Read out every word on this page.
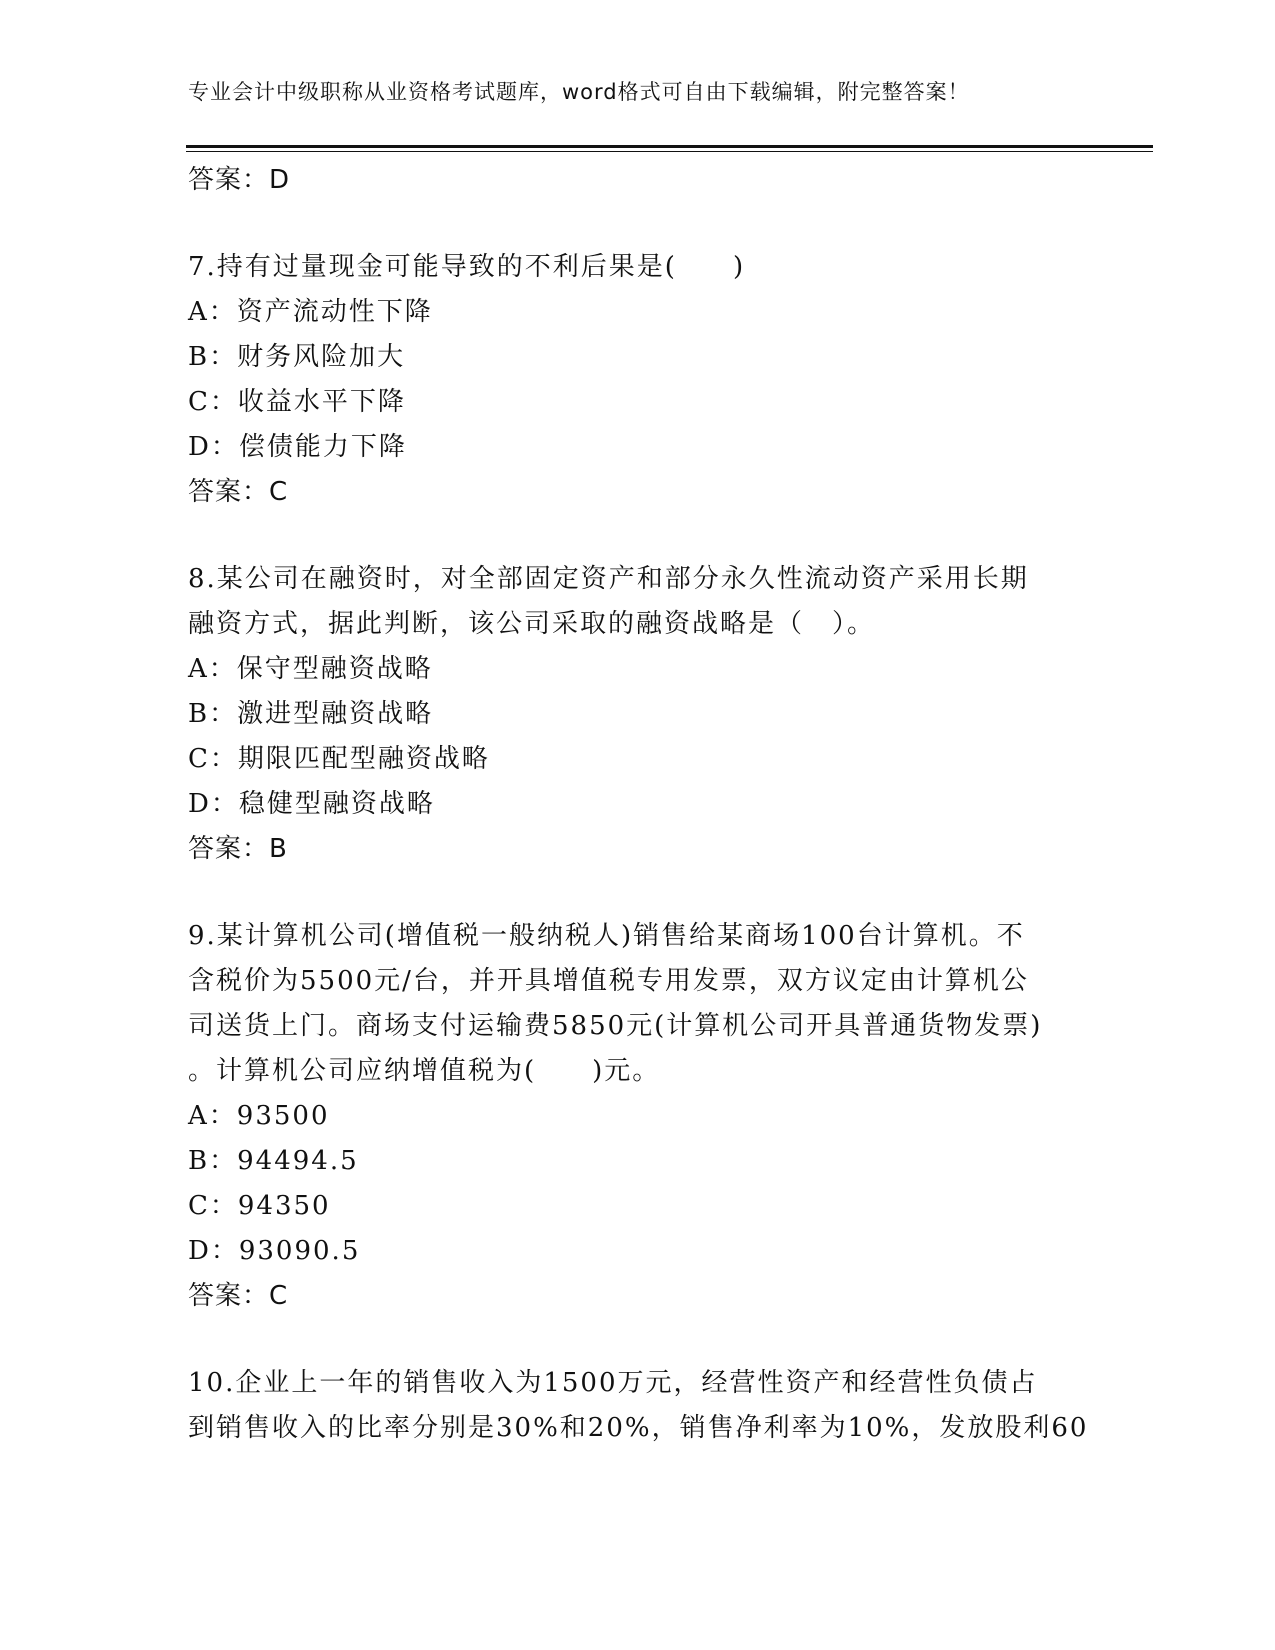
专业会计中级职称从业资格考试题库，word格式可自由下载编辑，附完整答案！
答案：D
7.持有过量现金可能导致的不利后果是(　　)
A：资产流动性下降
B：财务风险加大
C：收益水平下降
D：偿债能力下降
答案：C
8.某公司在融资时，对全部固定资产和部分永久性流动资产采用长期
融资方式，据此判断，该公司采取的融资战略是（　）。
A：保守型融资战略
B：激进型融资战略
C：期限匹配型融资战略
D：稳健型融资战略
答案：B
9.某计算机公司(增值税一般纳税人)销售给某商场100台计算机。不
含税价为5500元/台，并开具增值税专用发票，双方议定由计算机公
司送货上门。商场支付运输费5850元(计算机公司开具普通货物发票)
。计算机公司应纳增值税为(　　)元。
A：93500
B：94494.5
C：94350
D：93090.5
答案：C
10.企业上一年的销售收入为1500万元，经营性资产和经营性负债占
到销售收入的比率分别是30%和20%，销售净利率为10%，发放股利60
